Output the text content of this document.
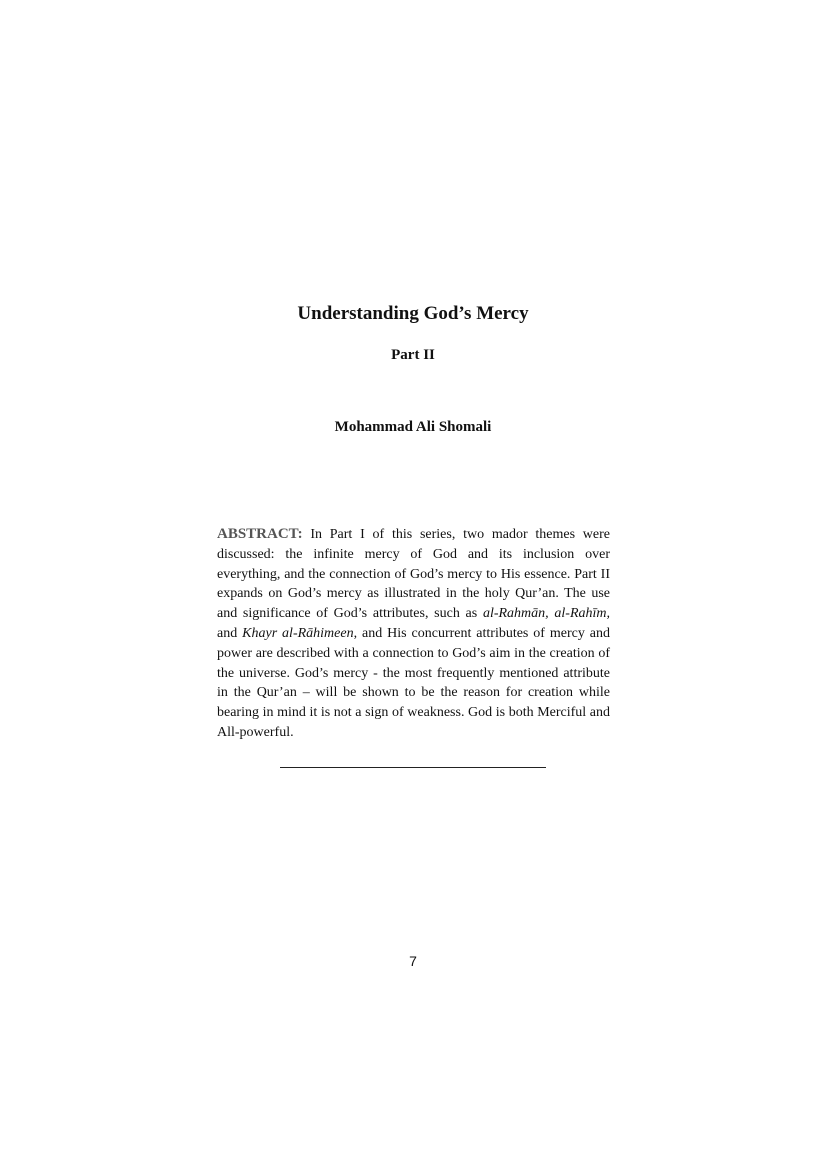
Understanding God’s Mercy
Part II
Mohammad Ali Shomali
ABSTRACT: In Part I of this series, two mador themes were discussed: the infinite mercy of God and its inclusion over everything, and the connection of God’s mercy to His essence. Part II expands on God’s mercy as illustrated in the holy Qur’an. The use and significance of God’s attributes, such as al-Rahmān, al-Rahīm, and Khayr al-Rāhimeen, and His concurrent attributes of mercy and power are described with a connection to God’s aim in the creation of the universe. God’s mercy - the most frequently mentioned attribute in the Qur’an – will be shown to be the reason for creation while bearing in mind it is not a sign of weakness. God is both Merciful and All-powerful.
7
